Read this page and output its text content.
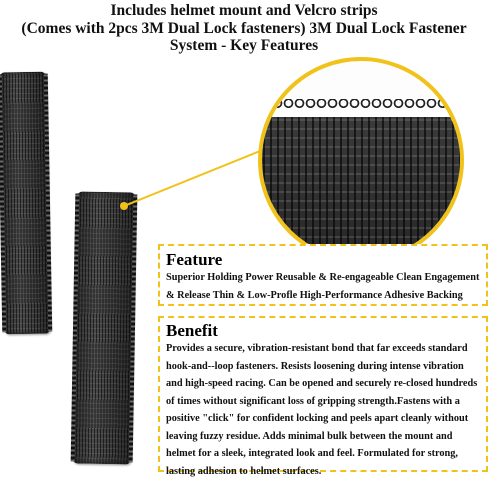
Includes helmet mount and Velcro strips
(Comes with 2pcs 3M Dual Lock fasteners) 3M Dual Lock Fastener
System - Key Features
Feature

Superior Holding Power Reusable & Re-engageable Clean Engagement & Release Thin & Low-Profle High-Performance Adhesive Backing

Benefit

Provides a secure, vibration-resistant bond that far exceeds standard hook-and--loop fasteners. Resists loosening during intense vibration and high-speed racing. Can be opened and securely re-closed hundreds of times without significant loss of gripping strength.Fastens with a positive "click" for confident locking and peels apart cleanly without leaving fuzzy residue. Adds minimal bulk between the mount and helmet for a sleek, integrated look and feel. Formulated for strong, lasting adhesion to helmet surfaces.
